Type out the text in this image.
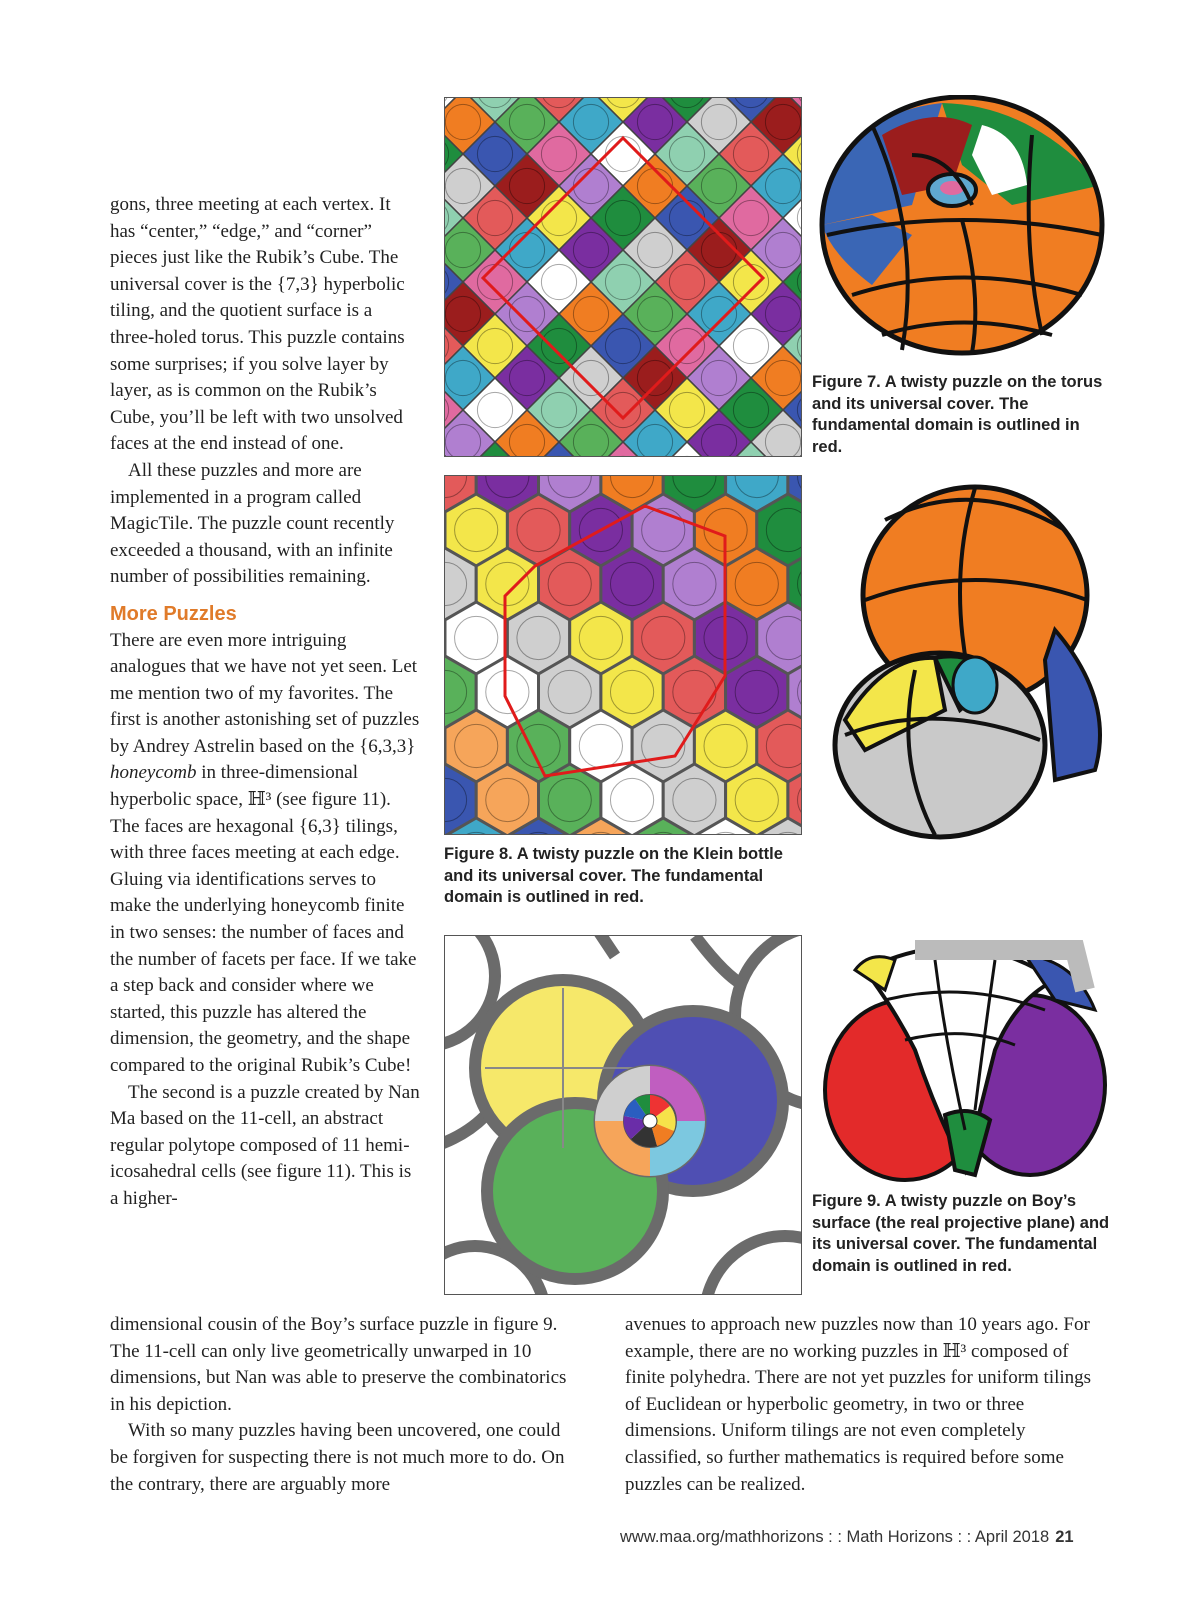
gons, three meeting at each vertex. It has “center,” “edge,” and “corner” pieces just like the Rubik’s Cube. The universal cover is the {7,3} hyperbolic tiling, and the quotient surface is a three-holed torus. This puzzle contains some surprises; if you solve layer by layer, as is common on the Rubik’s Cube, you’ll be left with two unsolved faces at the end instead of one.

All these puzzles and more are implemented in a program called MagicTile. The puzzle count recently exceeded a thousand, with an infinite number of possibilities remaining.

More Puzzles

There are even more intriguing analogues that we have not yet seen. Let me mention two of my favorites. The first is another astonishing set of puzzles by Andrey Astrelin based on the {6,3,3} honeycomb in three-dimensional hyperbolic space, ℍ³ (see figure 11). The faces are hexagonal {6,3} tilings, with three faces meeting at each edge. Gluing via identifications serves to make the underlying honeycomb finite in two senses: the number of faces and the number of facets per face. If we take a step back and consider where we started, this puzzle has altered the dimension, the geometry, and the shape compared to the original Rubik’s Cube!

The second is a puzzle created by Nan Ma based on the 11-cell, an abstract regular polytope composed of 11 hemi-icosahedral cells (see figure 11). This is a higher-

dimensional cousin of the Boy’s surface puzzle in figure 9. The 11-cell can only live geometrically unwarped in 10 dimensions, but Nan was able to preserve the combinatorics in his depiction.

With so many puzzles having been uncovered, one could be forgiven for suspecting there is not much more to do. On the contrary, there are arguably more

avenues to approach new puzzles now than 10 years ago. For example, there are no working puzzles in ℍ³ composed of finite polyhedra. There are not yet puzzles for uniform tilings of Euclidean or hyperbolic geometry, in two or three dimensions. Uniform tilings are not even completely classified, so further mathematics is required before some puzzles can be realized.

Figure 7. A twisty puzzle on the torus and its universal cover. The fundamental domain is outlined in red.
Figure 8. A twisty puzzle on the Klein bottle and its universal cover. The fundamental domain is outlined in red.
Figure 9. A twisty puzzle on Boy’s surface (the real projective plane) and its universal cover. The fundamental domain is outlined in red.
www.maa.org/mathhorizons : : Math Horizons : : April 2018 21
